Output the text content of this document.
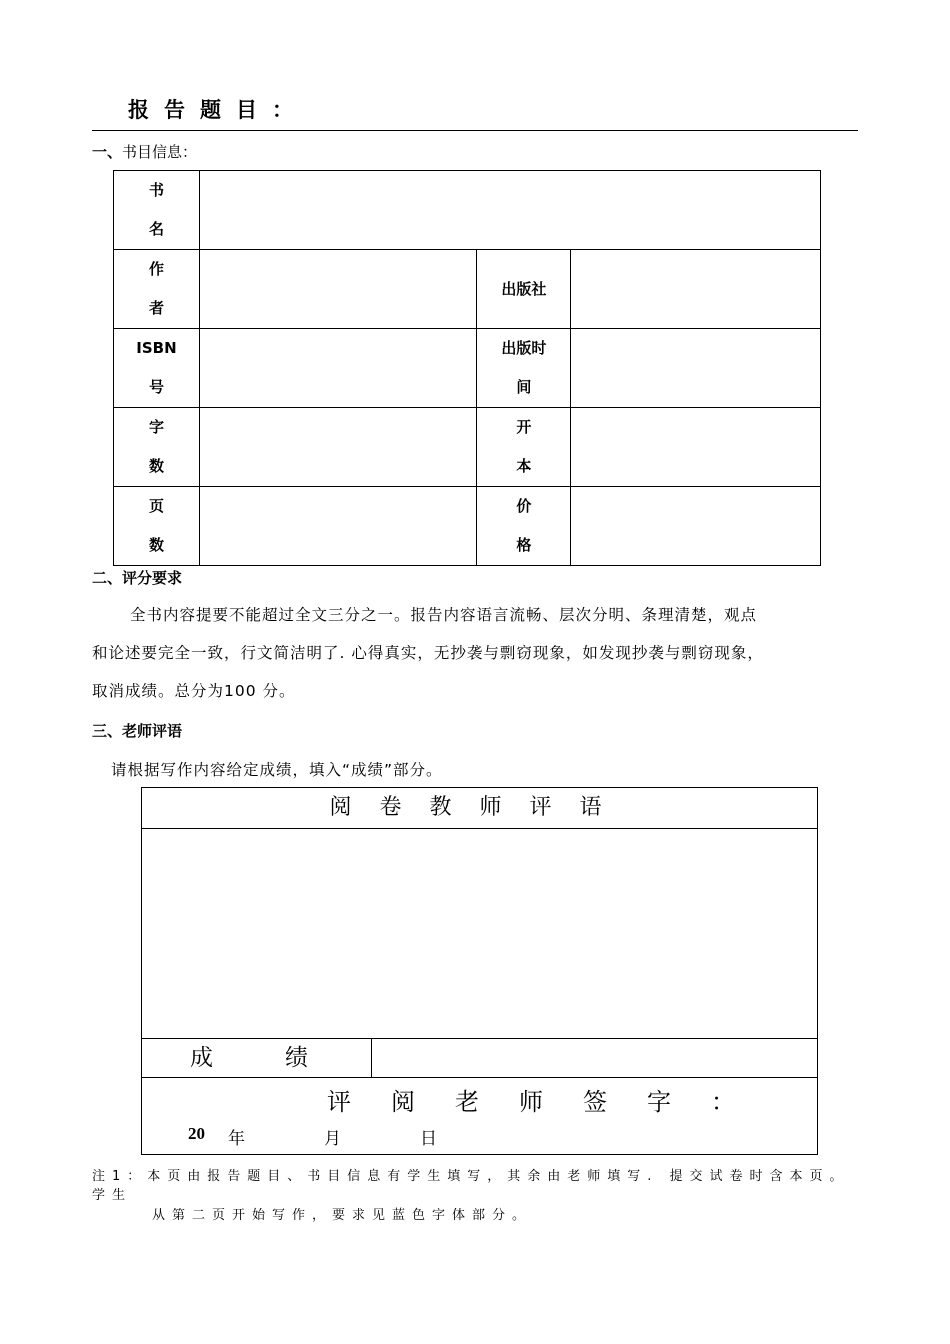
报告题目：
一、书目信息：
书
名			

作
者		出版社	

ISBN
号		出版时
间	

字
数		开
本	

页
数		价
格	

二、评分要求
全书内容提要不能超过全文三分之一。报告内容语言流畅、层次分明、条理清楚，观点
和论述要完全一致，行文简洁明了. 心得真实，无抄袭与剽窃现象，如发现抄袭与剽窃现象，
取消成绩。总分为100 分。
三、老师评语
请根据写作内容给定成绩，填入“成绩”部分。
阅卷教师评语
成	绩
评阅老师签字：
20 年	月	日
注1：本页由报告题目、书目信息有学生填写，其余由老师填写. 提交试卷时含本页。学生
从第二页开始写作，要求见蓝色字体部分。
